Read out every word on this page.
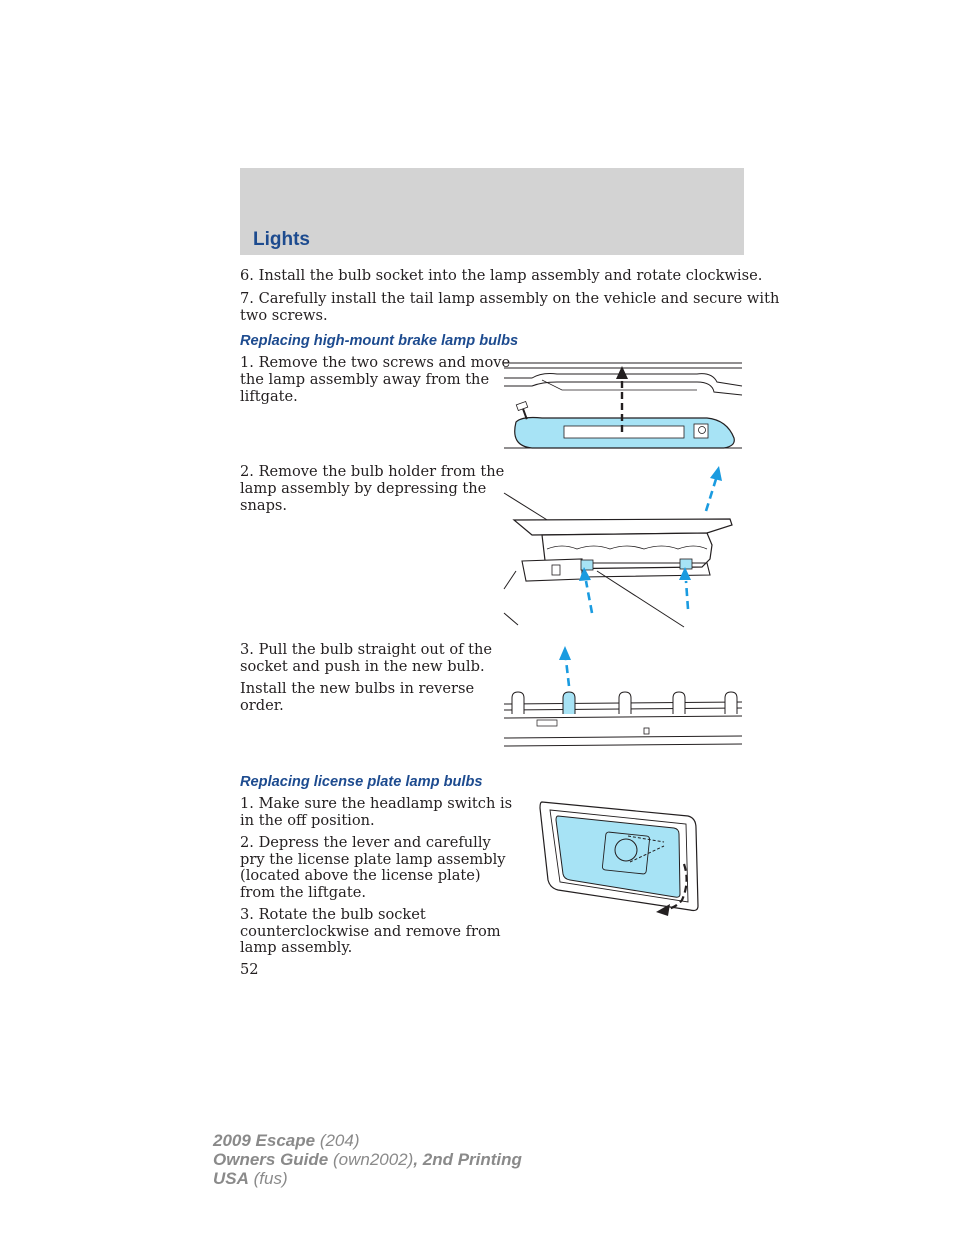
Lights

6. Install the bulb socket into the lamp assembly and rotate clockwise.

7. Carefully install the tail lamp assembly on the vehicle and secure with

two screws.

Replacing high-mount brake lamp bulbs

1. Remove the two screws and move

the lamp assembly away from the

liftgate.

2. Remove the bulb holder from the

lamp assembly by depressing the

snaps.

3. Pull the bulb straight out of the

socket and push in the new bulb.

Install the new bulbs in reverse

order.

Replacing license plate lamp bulbs

1. Make sure the headlamp switch is

in the off position.

2. Depress the lever and carefully

pry the license plate lamp assembly

(located above the license plate)

from the liftgate.

3. Rotate the bulb socket

counterclockwise and remove from

lamp assembly.

52

2009 Escape (204)
Owners Guide (own2002), 2nd Printing
USA (fus)
